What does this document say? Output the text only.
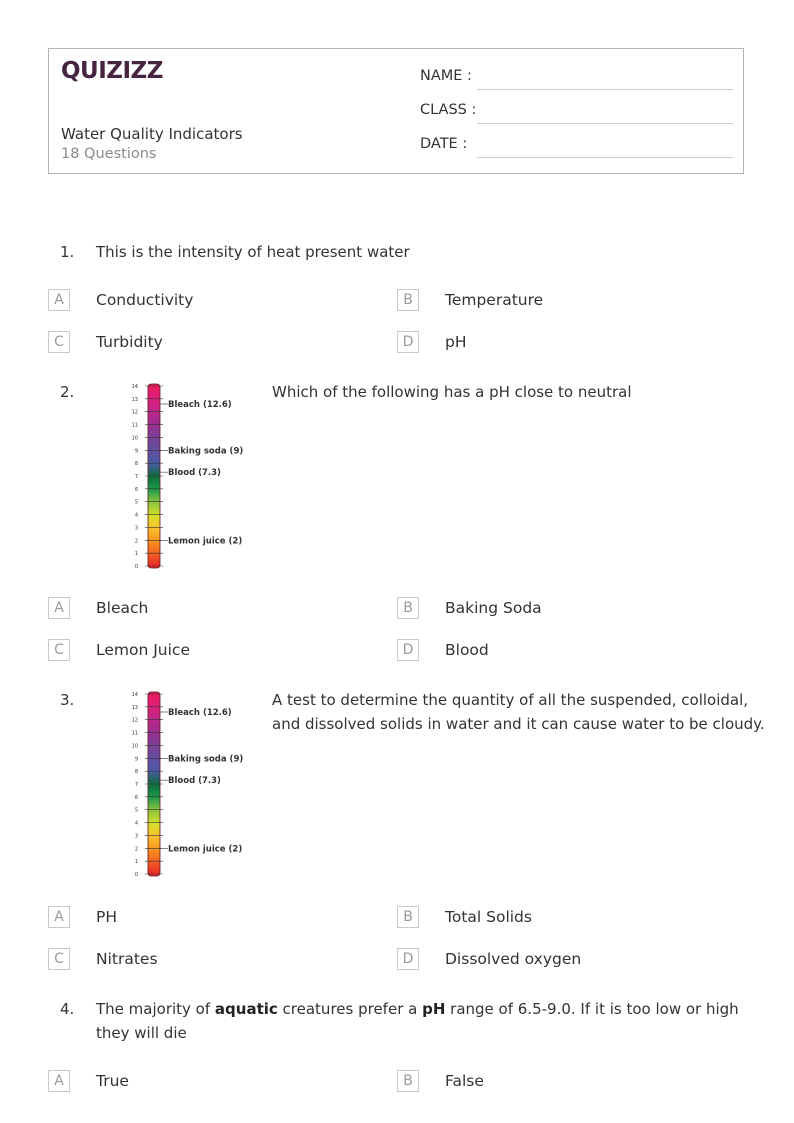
QUIZIZZ
Water Quality Indicators
18 Questions
NAME :
CLASS :
DATE :
1. This is the intensity of heat present water
A	Conductivity	B	Temperature
C	Turbidity	D	pH
2.	14
13
12
11
10
9
8
7
6
5
4
3
2
1
0
Bleach (12.6)
Baking soda (9)
Blood (7.3)
Lemon juice (2)
Which of the following has a pH close to neutral
A	Bleach	B	Baking Soda
C	Lemon Juice	D	Blood
3.	14
13
12
11
10
9
8
7
6
5
4
3
2
1
0
Bleach (12.6)
Baking soda (9)
Blood (7.3)
Lemon juice (2)
A test to determine the quantity of all the suspended, colloidal,
and dissolved solids in water and it can cause water to be cloudy.
A	PH	B	Total Solids
C	Nitrates	D	Dissolved oxygen
4. The majority of aquatic creatures prefer a pH range of 6.5-9.0. If it is too low or high
they will die
A	True	B	False
